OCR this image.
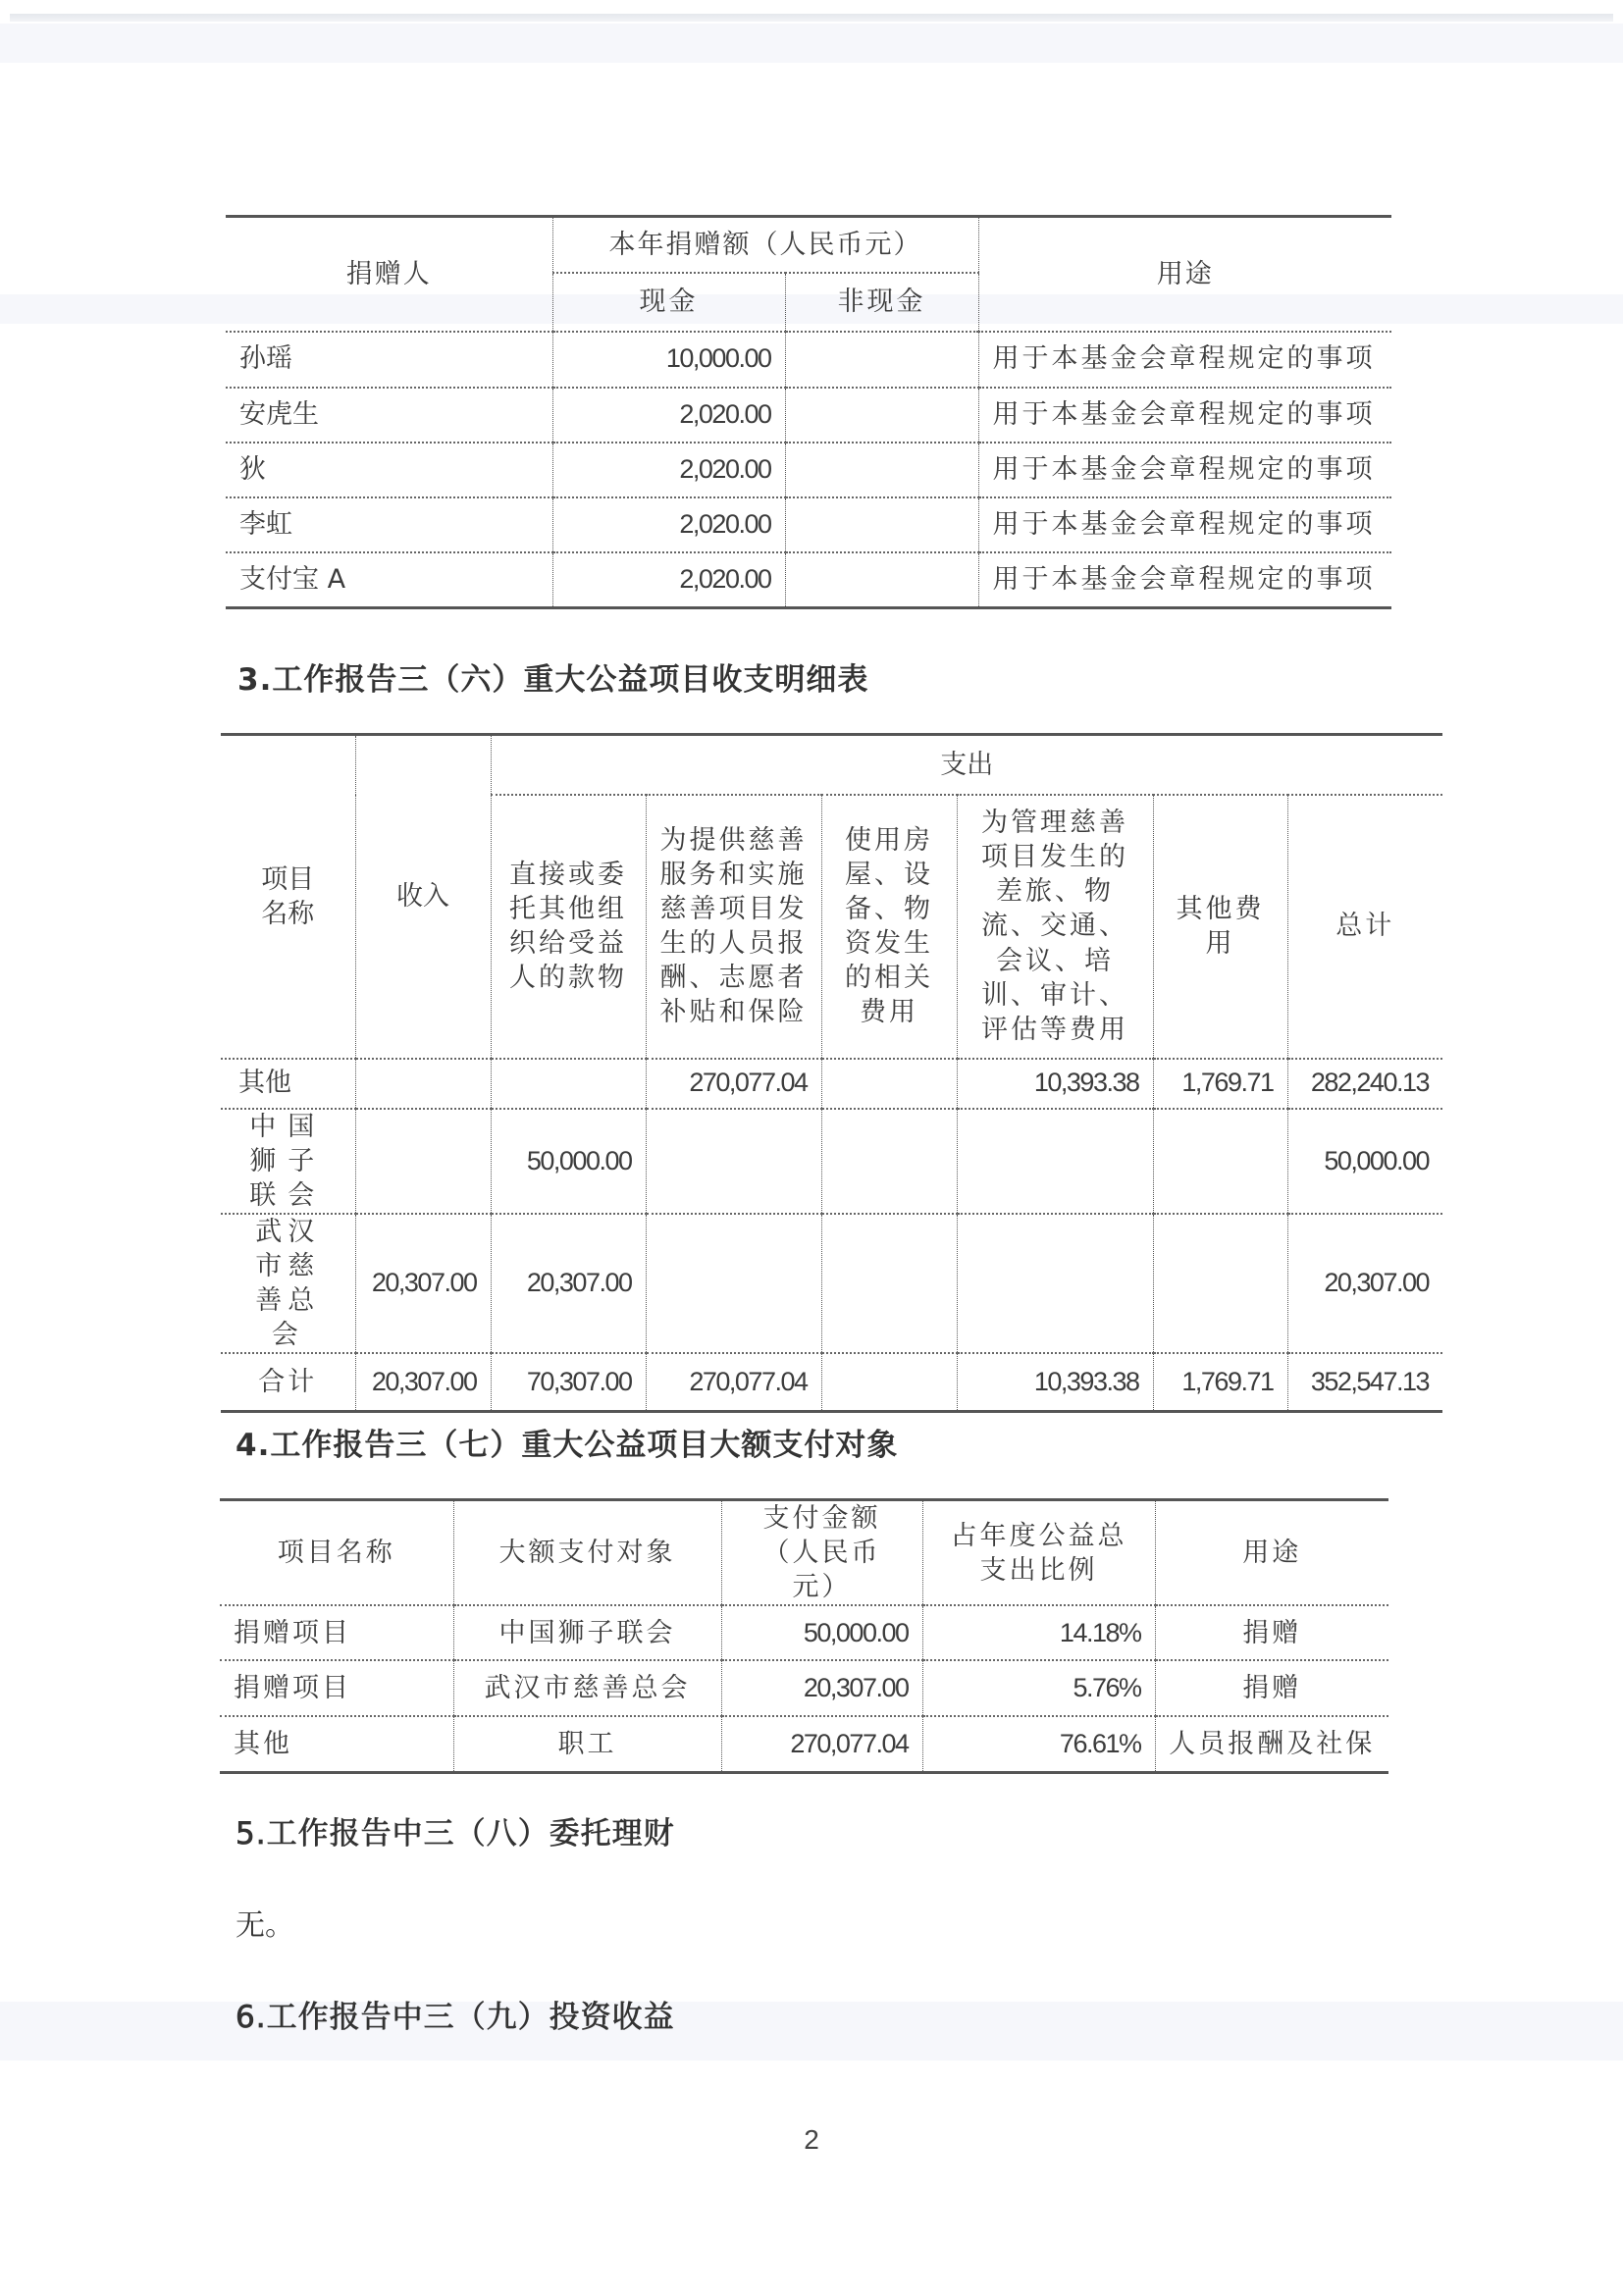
捐赠人	本年捐赠额（人民币元）		用途
	现金	非现金	
孙瑶	10,000.00		用于本基金会章程规定的事项
安虎生	2,020.00		用于本基金会章程规定的事项
狄	2,020.00		用于本基金会章程规定的事项
李虹	2,020.00		用于本基金会章程规定的事项
支付宝 A	2,020.00		用于本基金会章程规定的事项
3.工作报告三（六）重大公益项目收支明细表
项目名称	收入	支出					
		直接或委托其他组织给受益人的款物	为提供慈善服务和实施慈善项目发生的人员报酬、志愿者补贴和保险	使用房屋、设备、物资发生的相关费用	为管理慈善项目发生的差旅、物流、交通、会议、培训、审计、评估等费用	其他费用	总计
其他			270,077.04		10,393.38	1,769.71	282,240.13
中国狮子联会		50,000.00					50,000.00
武汉市慈善总会	20,307.00	20,307.00					20,307.00
合计	20,307.00	70,307.00	270,077.04		10,393.38	1,769.71	352,547.13
4.工作报告三（七）重大公益项目大额支付对象
项目名称	大额支付对象	支付金额（人民币元）	占年度公益总支出比例	用途
捐赠项目	中国狮子联会	50,000.00	14.18%	捐赠
捐赠项目	武汉市慈善总会	20,307.00	5.76%	捐赠
其他	职工	270,077.04	76.61%	人员报酬及社保
5.工作报告中三（八）委托理财

无。

6.工作报告中三（九）投资收益
2
